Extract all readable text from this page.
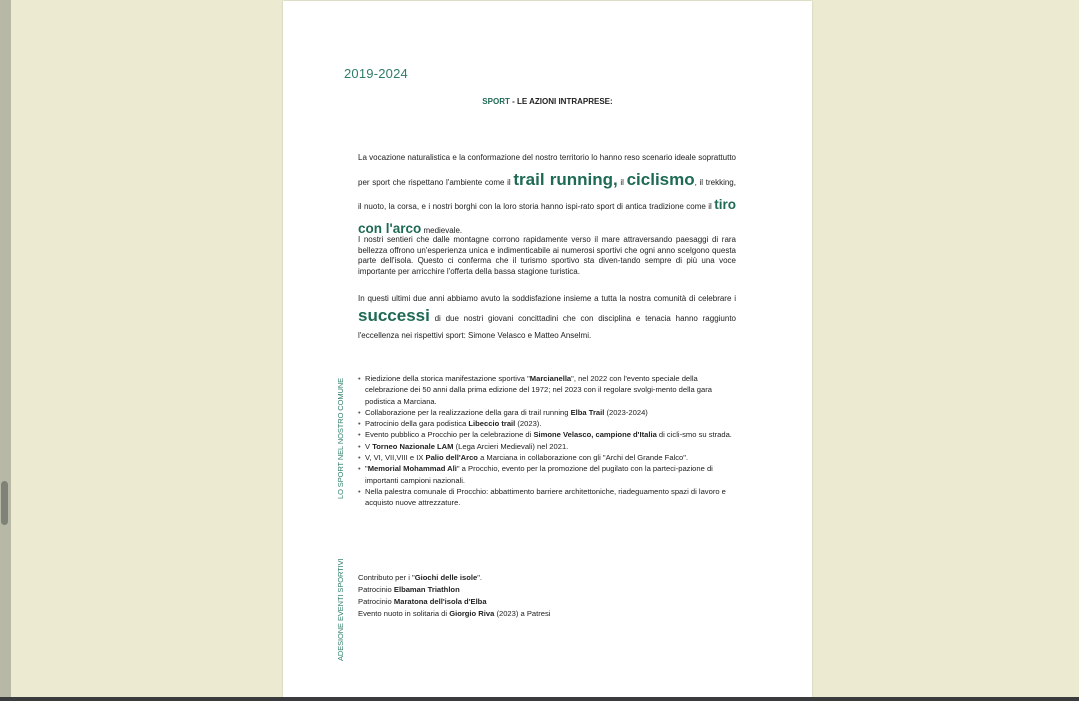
2019-2024
SPORT - LE AZIONI INTRAPRESE:
La vocazione naturalistica e la conformazione del nostro territorio lo hanno reso scenario ideale soprattutto per sport che rispettano l'ambiente come il trail running, il ciclismo, il trekking, il nuoto, la corsa, e i nostri borghi con la loro storia hanno ispi-rato sport di antica tradizione come il tiro con l'arco medievale.
I nostri sentieri che dalle montagne corrono rapidamente verso il mare attraversando paesaggi di rara bellezza offrono un'esperienza unica e indimenticabile ai numerosi sportivi che ogni anno scelgono questa parte dell'isola. Questo ci conferma che il turismo sportivo sta diven-tando sempre di più una voce importante per arricchire l'offerta della bassa stagione turistica.
In questi ultimi due anni abbiamo avuto la soddisfazione insieme a tutta la nostra comunità di celebrare i successi di due nostri giovani concittadini che con disciplina e tenacia hanno raggiunto l'eccellenza nei rispettivi sport: Simone Velasco e Matteo Anselmi.
LO SPORT NEL NOSTRO COMUNE
•	Riedizione della storica manifestazione sportiva "Marcianella", nel 2022 con l'evento speciale della celebrazione dei 50 anni dalla prima edizione del 1972; nel 2023 con il regolare svolgi-mento della gara podistica a Marciana.
• Collaborazione per la realizzazione della gara di trail running Elba Trail (2023-2024)
• Patrocinio della gara podistica Libeccio trail (2023).
• Evento pubblico a Procchio per la celebrazione di Simone Velasco, campione d'Italia di cicli-smo su strada.
• V Torneo Nazionale LAM (Lega Arcieri Medievali) nel 2021.
• V, VI, VII,VIII e IX Palio dell'Arco a Marciana in collaborazione con gli "Archi del Grande Falco".
• "Memorial Mohammad Alì" a Procchio, evento per la promozione del pugilato con la parteci-pazione di importanti campioni nazionali.
• Nella palestra comunale di Procchio: abbattimento barriere architettoniche, riadeguamento spazi di lavoro e acquisto nuove attrezzature.
ADESIONE EVENTI SPORTIVI Contributo per i "Giochi delle isole".
Patrocinio Elbaman Triathlon
Patrocinio Maratona dell'isola d'Elba
Evento nuoto in solitaria di Giorgio Riva (2023) a Patresi
